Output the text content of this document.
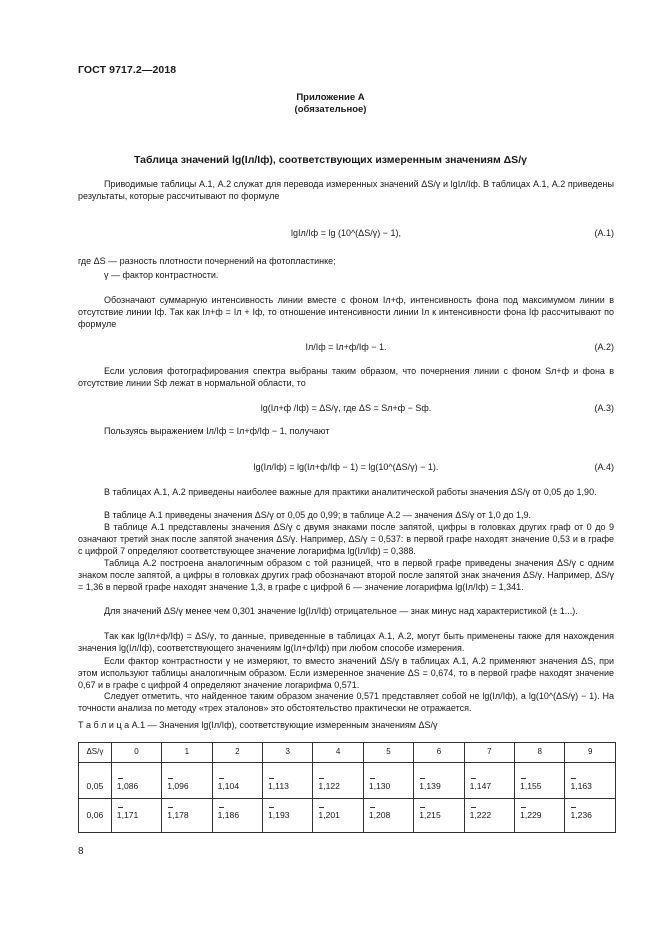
ГОСТ 9717.2—2018
Приложение А
(обязательное)
Таблица значений lg(Iл/Iф), соответствующих измеренным значениям ΔS/γ
Приводимые таблицы А.1, А.2 служат для перевода измеренных значений ΔS/γ и lgIл/Iф. В таблицах А.1, А.2 приведены результаты, которые рассчитывают по формуле
lgIл/Iф = lg (10^(ΔS/γ) − 1),	(А.1)
где ΔS — разность плотности почернений на фотопластинке;
γ — фактор контрастности.
Обозначают суммарную интенсивность линии вместе с фоном Iл+ф, интенсивность фона под максимумом линии в отсутствие линии Iф. Так как Iл+ф = Iл + Iф, то отношение интенсивности линии Iл к интенсивности фона Iф рассчитывают по формуле
Iл/Iф = Iл+ф/Iф − 1.	(А.2)
Если условия фотографирования спектра выбраны таким образом, что почернения линии с фоном Sл+ф и фона в отсутствие линии Sф лежат в нормальной области, то
lg(Iл+ф /Iф) = ΔS/γ, где ΔS = Sл+ф − Sф.	(А.3)
Пользуясь выражением Iл/Iф = Iл+ф/Iф − 1, получают
lg(Iл/Iф) = lg(Iл+ф/Iф − 1) = lg(10^(ΔS/γ) − 1).	(А.4)
В таблицах А.1, А.2 приведены наиболее важные для практики аналитической работы значения ΔS/γ от 0,05 до 1,90.
В таблице А.1 приведены значения ΔS/γ от 0,05 до 0,99; в таблице А.2 — значения ΔS/γ от 1,0 до 1,9.
В таблице А.1 представлены значения ΔS/γ с двумя знаками после запятой, цифры в головках других граф от 0 до 9 означают третий знак после запятой значения ΔS/γ. Например, ΔS/γ = 0,537: в первой графе находят значение 0,53 и в графе с цифрой 7 определяют соответствующее значение логарифма lg(Iл/Iф) = 0,388.
Таблица А.2 построена аналогичным образом с той разницей, что в первой графе приведены значения ΔS/γ с одним знаком после запятой, а цифры в головках других граф обозначают второй после запятой знак значения ΔS/γ. Например, ΔS/γ = 1,36 в первой графе находят значение 1,3, в графе с цифрой 6 — значение логарифма lg(Iл/Iф) = 1,341.
Для значений ΔS/γ менее чем 0,301 значение lg(Iл/Iф) отрицательное — знак минус над характеристикой (± 1...).
Так как lg(Iл+ф/Iф) = ΔS/γ, то данные, приведенные в таблицах А.1, А.2, могут быть применены также для нахождения значения lg(Iл/Iф), соответствующего значениям lg(Iл+ф/Iф) при любом способе измерения.
Если фактор контрастности γ не измеряют, то вместо значений ΔS/γ в таблицах А.1, А.2 применяют значения ΔS, при этом используют таблицы аналогичным образом. Если измеренное значение ΔS = 0,674, то в первой графе находят значение 0,67 и в графе с цифрой 4 определяют значение логарифма 0,571.
Следует отметить, что найденное таким образом значение 0,571 представляет собой не lg(Iл/Iф), а lg(10^(ΔS/γ) − 1). На точности анализа по методу «трех эталонов» это обстоятельство практически не отражается.
Т а б л и ц а А.1 — Значения lg(Iл/Iф), соответствующие измеренным значениям ΔS/γ
ΔS/γ	0	1	2	3	4	5	6	7	8	9
0,05	1,086	1,096	1,104	1,113	1,122	1,130	1,139	1,147	1,155	1,163
0,06	1,171	1,178	1,186	1,193	1,201	1,208	1,215	1,222	1,229	1,236
8
